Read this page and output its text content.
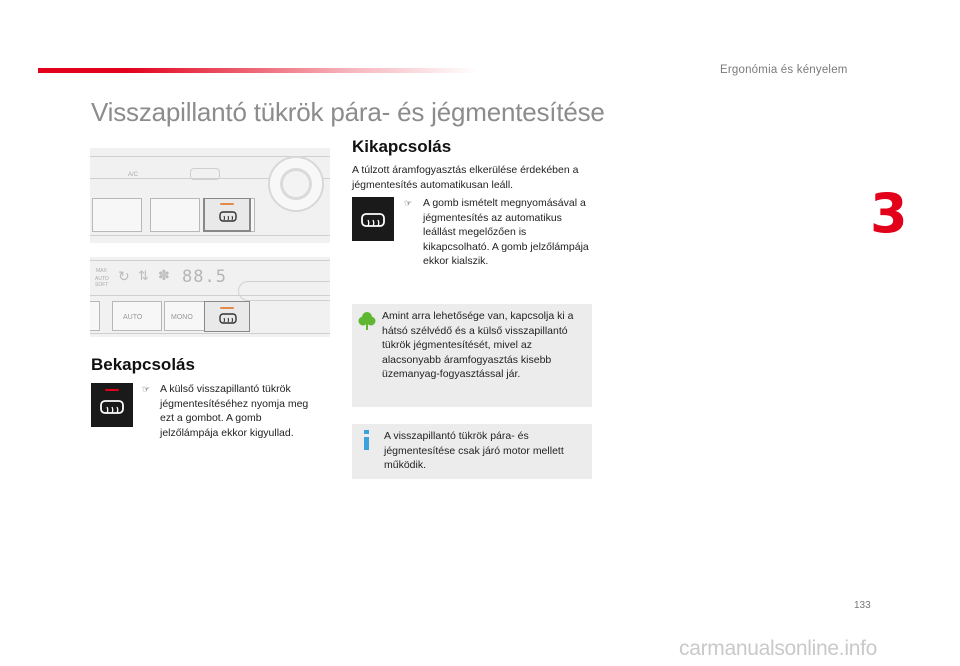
Ergonómia és kényelem
Visszapillantó tükrök pára- és jégmentesítése
3
A/C
MAX
AUTO SOFT
↻ ⇅ ✽ 88.5
AUTO	MONO
Bekapcsolás
☞ A külső visszapillantó tükrök jégmentesítéséhez nyomja meg ezt a gombot. A gomb jelzőlámpája ekkor kigyullad.
Kikapcsolás
A túlzott áramfogyasztás elkerülése érdekében a jégmentesítés automatikusan leáll.
☞ A gomb ismételt megnyomásával a jégmentesítés az automatikus leállást megelőzően is kikapcsolható. A gomb jelzőlámpája ekkor kialszik.
Amint arra lehetősége van, kapcsolja ki a hátsó szélvédő és a külső visszapillantó tükrök jégmentesítését, mivel az alacsonyabb áramfogyasztás kisebb üzemanyag-fogyasztással jár.
A visszapillantó tükrök pára- és jégmentesítése csak járó motor mellett működik.
133
carmanualsonline.info
